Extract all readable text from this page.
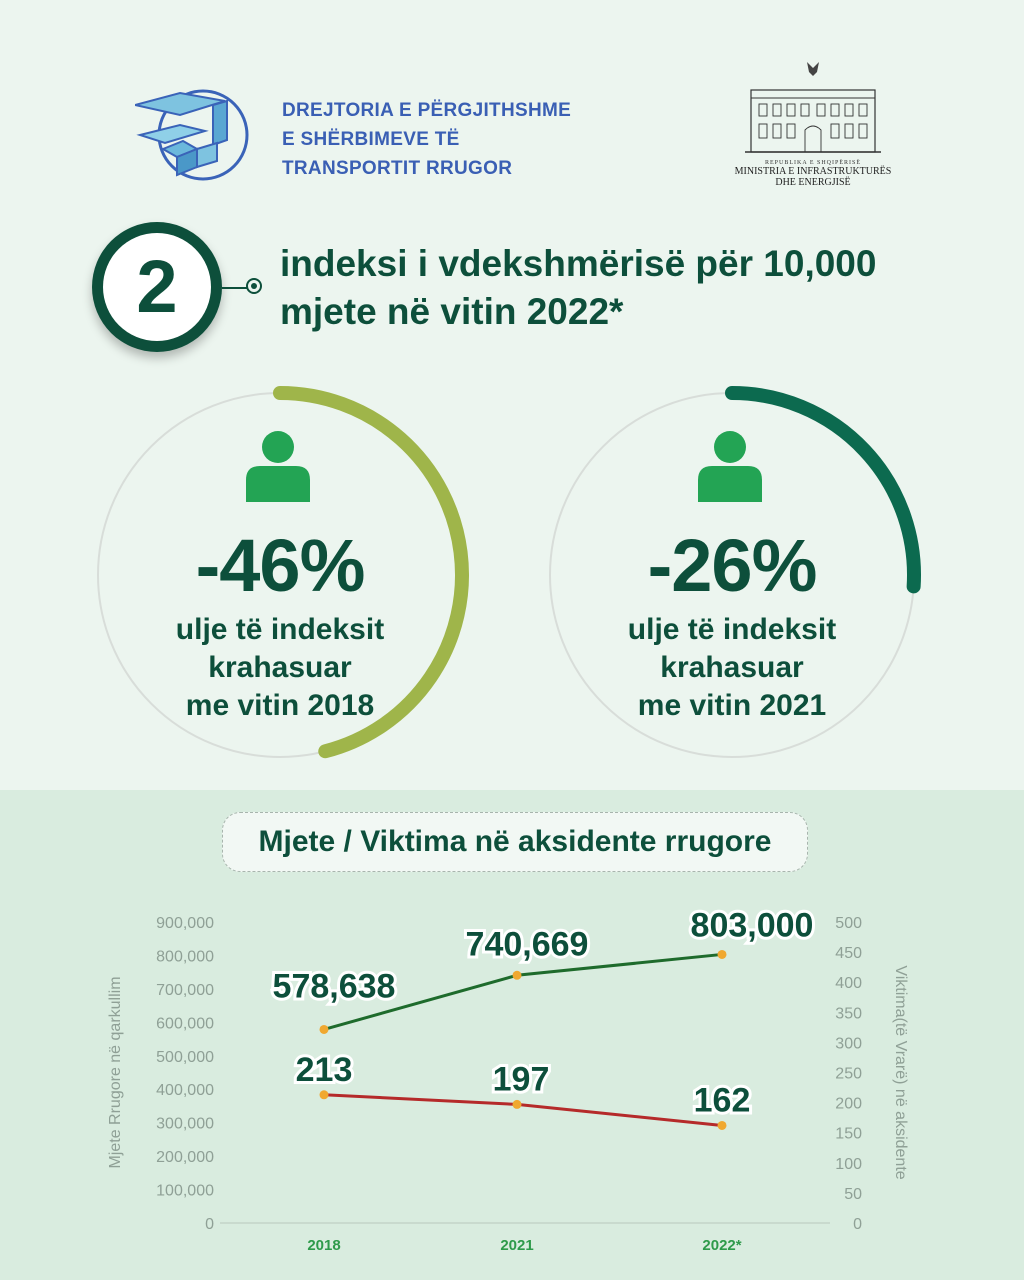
DREJTORIA E PËRGJITHSHME
E SHËRBIMEVE TË
TRANSPORTIT RRUGOR	REPUBLIKA E SHQIPËRISË
MINISTRIA E INFRASTRUKTURËS
DHE ENERGJISË
2	indeksi i vdekshmërisë për 10,000
mjete në vitin 2022*
-46%
ulje të indeksit
krahasuar
me vitin 2018
-26%
ulje të indeksit
krahasuar
me vitin 2021
Mjete / Viktima në aksidente rrugore
0
100,000
200,000
300,000
400,000
500,000
600,000
700,000
800,000
900,000
0
50
100
150
200
250
300
350
400
450
500
Mjete Rrugore në qarkullim	Viktima(të Vrarë) në aksidente
2018	2021	2022*
578,638
740,669	803,000
213	197
162
